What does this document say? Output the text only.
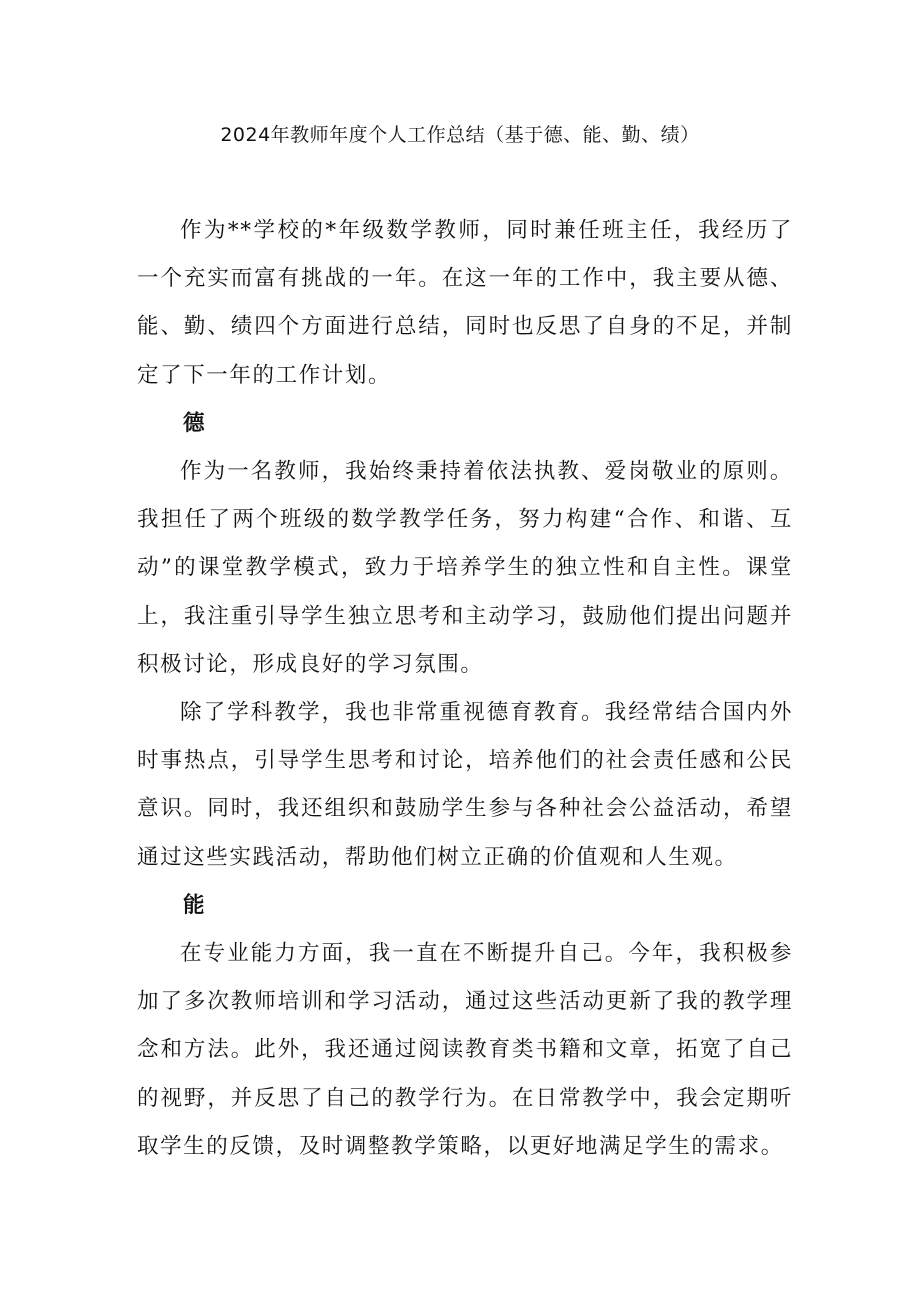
2024年教师年度个人工作总结（基于德、能、勤、绩）

作为**学校的*年级数学教师，同时兼任班主任，我经历了一个充实而富有挑战的一年。在这一年的工作中，我主要从德、能、勤、绩四个方面进行总结，同时也反思了自身的不足，并制定了下一年的工作计划。

德

作为一名教师，我始终秉持着依法执教、爱岗敬业的原则。我担任了两个班级的数学教学任务，努力构建“合作、和谐、互动”的课堂教学模式，致力于培养学生的独立性和自主性。课堂上，我注重引导学生独立思考和主动学习，鼓励他们提出问题并积极讨论，形成良好的学习氛围。

除了学科教学，我也非常重视德育教育。我经常结合国内外时事热点，引导学生思考和讨论，培养他们的社会责任感和公民意识。同时，我还组织和鼓励学生参与各种社会公益活动，希望通过这些实践活动，帮助他们树立正确的价值观和人生观。

能

在专业能力方面，我一直在不断提升自己。今年，我积极参加了多次教师培训和学习活动，通过这些活动更新了我的教学理念和方法。此外，我还通过阅读教育类书籍和文章，拓宽了自己的视野，并反思了自己的教学行为。在日常教学中，我会定期听取学生的反馈，及时调整教学策略，以更好地满足学生的需求。
